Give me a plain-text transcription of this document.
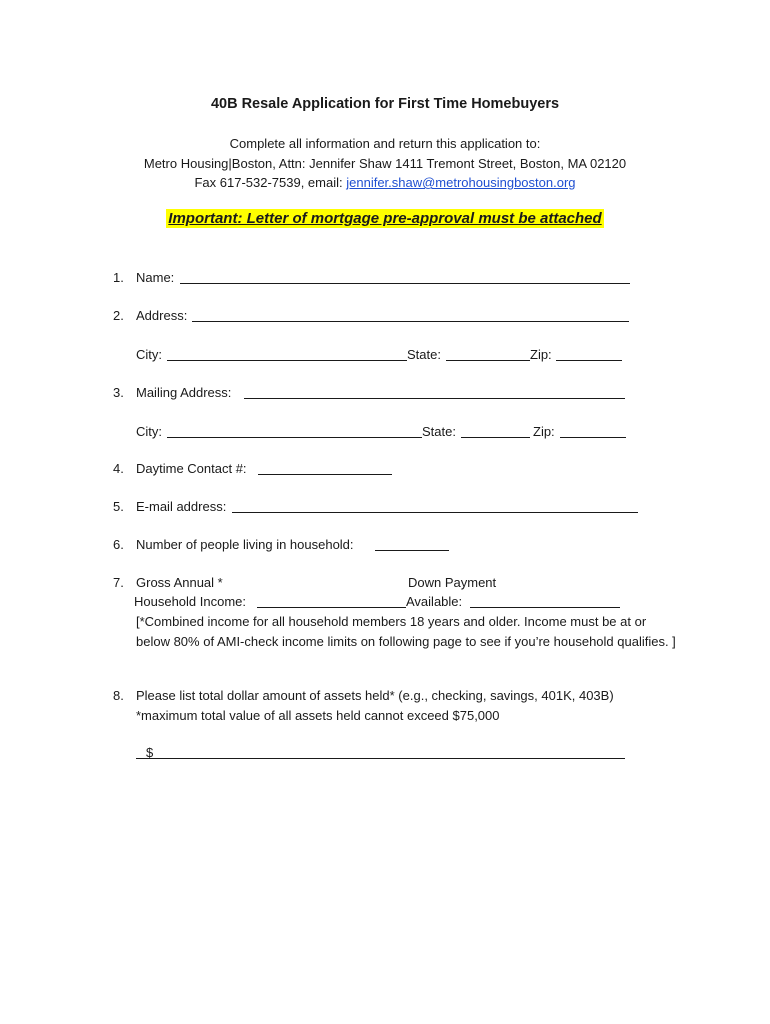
40B Resale Application for First Time Homebuyers
Complete all information and return this application to:
Metro Housing|Boston, Attn: Jennifer Shaw 1411 Tremont Street, Boston, MA 02120
Fax 617-532-7539, email: jennifer.shaw@metrohousingboston.org
Important: Letter of mortgage pre-approval must be attached
1. Name:
2. Address:
City:	State:	Zip:
3. Mailing Address:
City:	State:	Zip:
4. Daytime Contact #:
5. E-mail address:
6. Number of people living in household:
7. Gross Annual *	Down Payment
Household Income:	Available:
[*Combined income for all household members 18 years and older. Income must be at or below 80% of AMI-check income limits on following page to see if you’re household qualifies. ]
8. Please list total dollar amount of assets held* (e.g., checking, savings, 401K, 403B)
*maximum total value of all assets held cannot exceed $75,000
$
